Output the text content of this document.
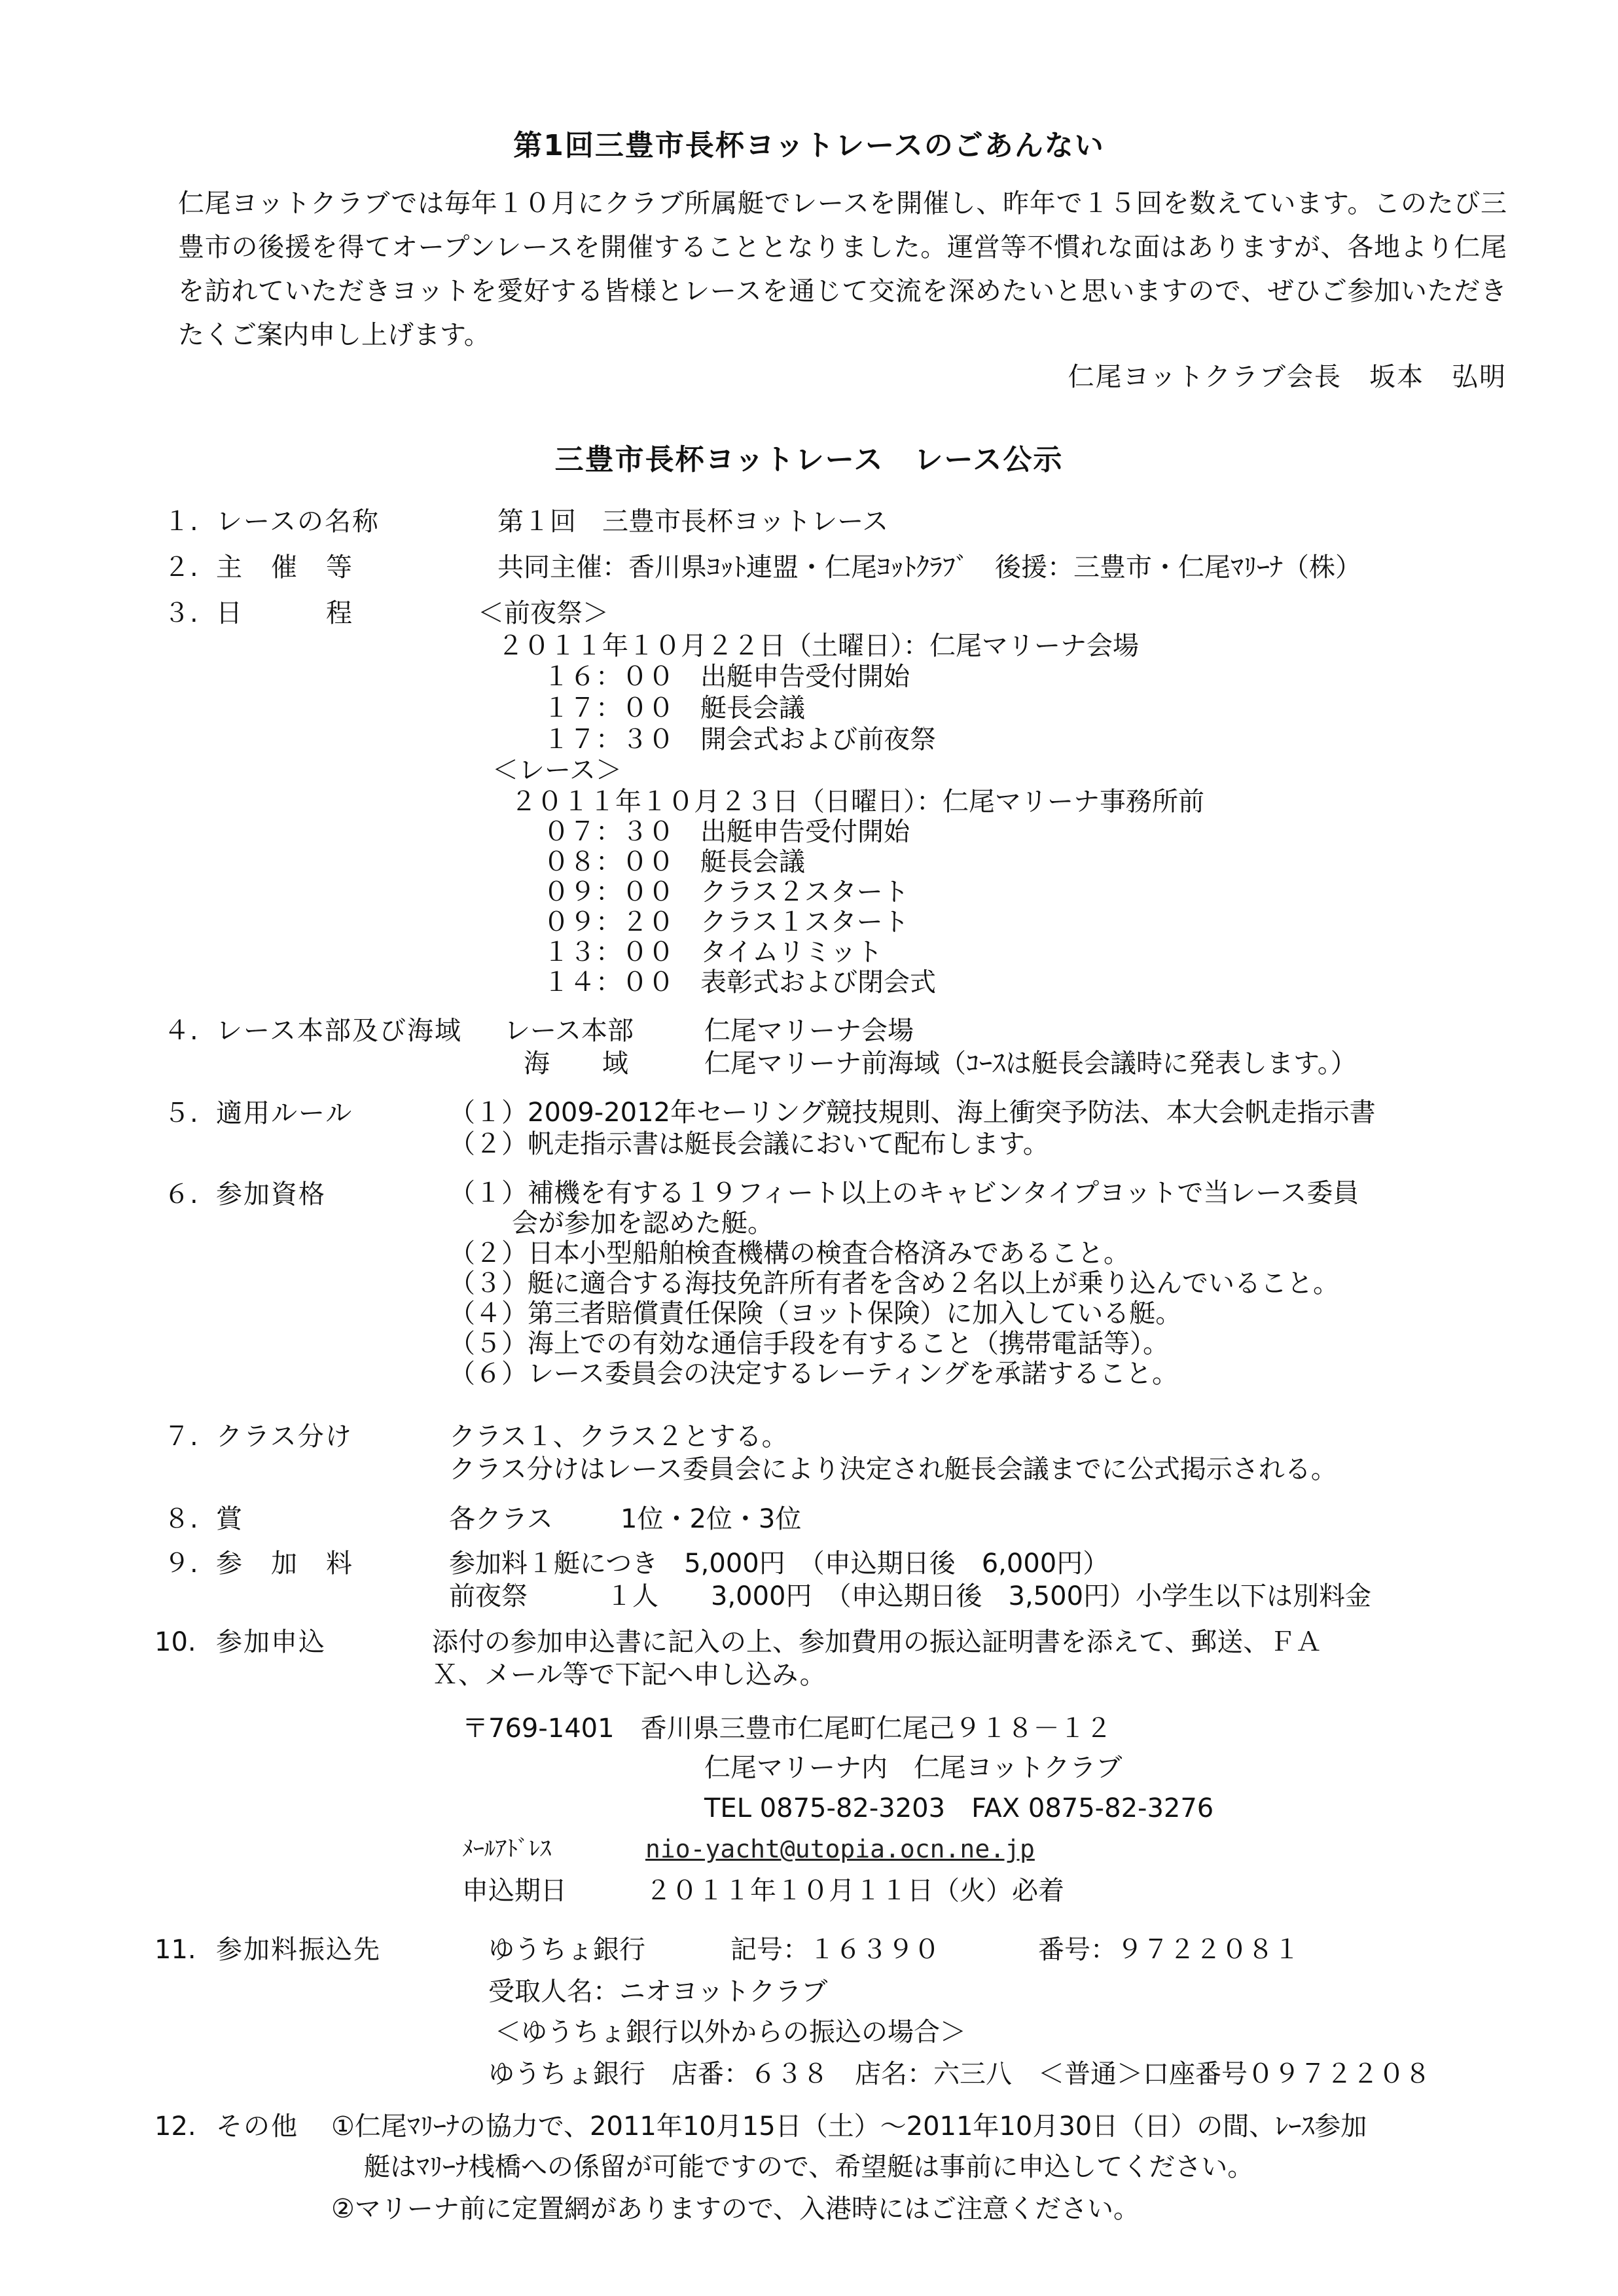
第1回三豊市長杯ヨットレースのごあんない

仁尾ヨットクラブでは毎年１０月にクラブ所属艇でレースを開催し、昨年で１５回を数えています。このたび三豊市の後援を得てオープンレースを開催することとなりました。運営等不慣れな面はありますが、各地より仁尾を訪れていただきヨットを愛好する皆様とレースを通じて交流を深めたいと思いますので、ぜひご参加いただきたくご案内申し上げます。

仁尾ヨットクラブ会長　坂本　弘明
三豊市長杯ヨットレース　レース公示
１. レースの名称	第１回　三豊市長杯ヨットレース
２. 主　催　等	共同主催：香川県ﾖｯﾄ連盟・仁尾ﾖｯﾄｸﾗﾌﾞ　後援：三豊市・仁尾ﾏﾘｰﾅ（株）
３. 日　　　程	＜前夜祭＞
２０１１年１０月２２日（土曜日）：仁尾マリーナ会場
１６：００　出艇申告受付開始
１７：００　艇長会議
１７：３０　開会式および前夜祭
＜レース＞
２０１１年１０月２３日（日曜日）：仁尾マリーナ事務所前
０７：３０　出艇申告受付開始
０８：００　艇長会議
０９：００　クラス２スタート
０９：２０　クラス１スタート
１３：００　タイムリミット
１４：００　表彰式および閉会式
４. レース本部及び海域 レース本部	仁尾マリーナ会場
海　　域	仁尾マリーナ前海域（ｺｰｽは艇長会議時に発表します。）
５. 適用ルール	（１）2009-2012年セーリング競技規則、海上衝突予防法、本大会帆走指示書
（２）帆走指示書は艇長会議において配布します。
６. 参加資格	（１）補機を有する１９フィート以上のキャビンタイプヨットで当レース委員
会が参加を認めた艇。
（２）日本小型船舶検査機構の検査合格済みであること。
（３）艇に適合する海技免許所有者を含め２名以上が乗り込んでいること。
（４）第三者賠償責任保険（ヨット保険）に加入している艇。
（５）海上での有効な通信手段を有すること（携帯電話等）。
（６）レース委員会の決定するレーティングを承諾すること。
７. クラス分け	クラス１、クラス２とする。
クラス分けはレース委員会により決定され艇長会議までに公式掲示される。
８. 賞	各クラス	1位・2位・3位
９. 参　加　料	参加料１艇につき　5,000円　（申込期日後　6,000円）
前夜祭　　　１人　　3,000円　（申込期日後　3,500円）小学生以下は別料金
10. 参加申込	添付の参加申込書に記入の上、参加費用の振込証明書を添えて、郵送、ＦＡ
Ｘ、メール等で下記へ申し込み。
〒769-1401　香川県三豊市仁尾町仁尾己９１８－１２
仁尾マリーナ内　仁尾ヨットクラブ
TEL 0875-82-3203　FAX 0875-82-3276
ﾒｰﾙｱﾄﾞﾚｽ	nio-yacht@utopia.ocn.ne.jp
申込期日	２０１１年１０月１１日（火）必着
11. 参加料振込先	ゆうちょ銀行	記号：１６３９０	番号：９７２２０８１
受取人名：ニオヨットクラブ
＜ゆうちょ銀行以外からの振込の場合＞
ゆうちょ銀行　店番：６３８　店名：六三八　＜普通＞口座番号０９７２２０８
12. その他 ①仁尾ﾏﾘｰﾅの協力で、2011年10月15日（土）～2011年10月30日（日）の間、ﾚｰｽ参加
艇はﾏﾘｰﾅ桟橋への係留が可能ですので、希望艇は事前に申込してください。
②マリーナ前に定置網がありますので、入港時にはご注意ください。
